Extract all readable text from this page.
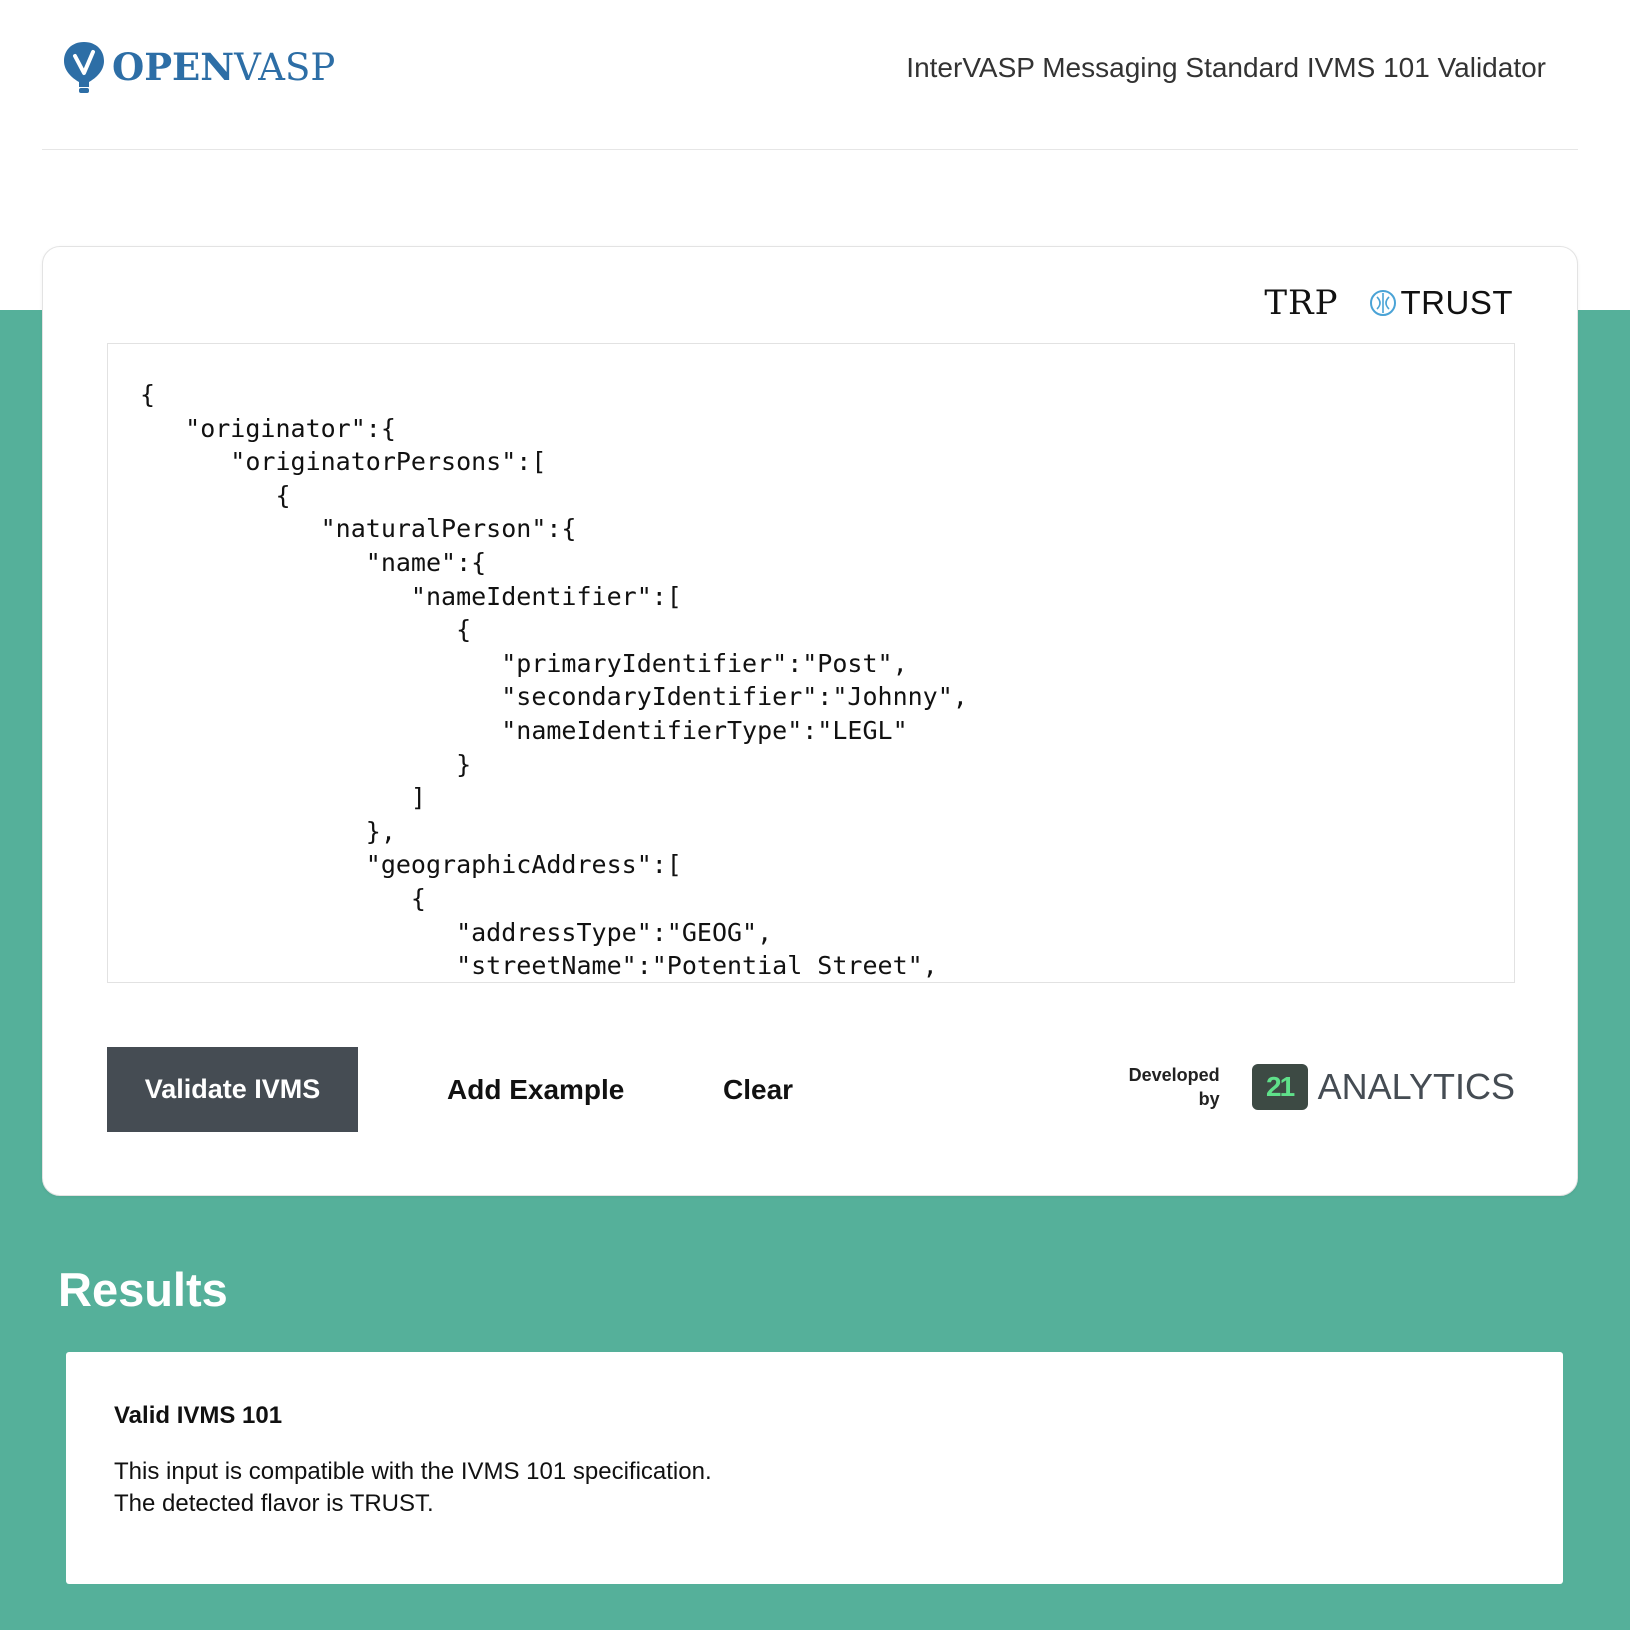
OPENVASP	InterVASP Messaging Standard IVMS 101 Validator
TRP TRUST
{
"originator":{
"originatorPersons":[
{
"naturalPerson":{
"name":{
"nameIdentifier":[
{
"primaryIdentifier":"Post",
"secondaryIdentifier":"Johnny",
"nameIdentifierType":"LEGL"
}
]
},
"geographicAddress":[
{
"addressType":"GEOG",
"streetName":"Potential Street",
Validate IVMS	Add Example	Clear	Developed
by	21 ANALYTICS
Results
Valid IVMS 101
This input is compatible with the IVMS 101 specification.
The detected flavor is TRUST.
